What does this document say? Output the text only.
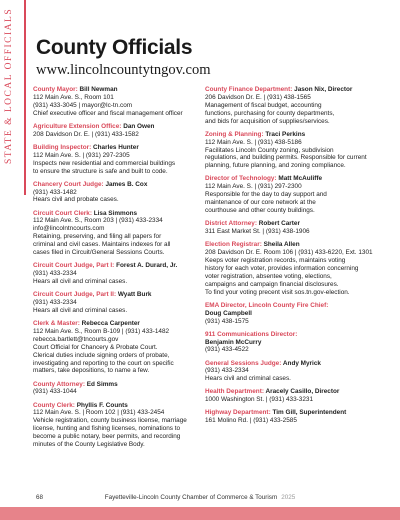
STATE & LOCAL OFFICIALS	County Officials
www.lincolncountytngov.com
County Mayor: Bill Newman
112 Main Ave. S., Room 101
(931) 433-3045 | mayor@lc-tn.com
Chief executive officer and fiscal management officer
Agriculture Extension Office: Dan Owen
208 Davidson Dr. E. | (931) 433-1582
Building Inspector: Charles Hunter
112 Main Ave. S. | (931) 297-2305
Inspects new residential and commercial buildings
to ensure the structure is safe and built to code.
Chancery Court Judge: James B. Cox
(931) 433-1482
Hears civil and probate cases.
Circuit Court Clerk: Lisa Simmons
112 Main Ave. S., Room 203 | (931) 433-2334
info@lincolntncourts.com
Retaining, preserving, and filing all papers for
criminal and civil cases. Maintains indexes for all
cases filed in Circuit/General Sessions Courts.
Circuit Court Judge, Part I: Forest A. Durard, Jr.
(931) 433-2334
Hears all civil and criminal cases.
Circuit Court Judge, Part II: Wyatt Burk
(931) 433-2334
Hears all civil and criminal cases.
Clerk & Master: Rebecca Carpenter
112 Main Ave. S., Room B-109 | (931) 433-1482
rebecca.bartlett@tncourts.gov
Court Official for Chancery & Probate Court.
Clerical duties include signing orders of probate,
investigating and reporting to the court on specific
matters, take depositions, to name a few.
County Attorney: Ed Simms
(931) 433-1044
County Clerk: Phyllis F. Counts
112 Main Ave. S. | Room 102 | (931) 433-2454
Vehicle registration, county business license, marriage
license, hunting and fishing licenses, nominations to
become a public notary, beer permits, and recording
minutes of the County Legislative Body.
County Finance Department: Jason Nix, Director
206 Davidson Dr. E. | (931) 438-1565
Management of fiscal budget, accounting
functions, purchasing for county departments,
and bids for acquisition of supplies/services.
Zoning & Planning: Traci Perkins
112 Main Ave. S. | (931) 438-5186
Facilitates Lincoln County zoning, subdivision
regulations, and building permits. Responsible for current
planning, future planning, and zoning compliance.
Director of Technology: Matt McAuliffe
112 Main Ave. S. | (931) 297-2300
Responsible for the day to day support and
maintenance of our core network at the
courthouse and other county buildings.
District Attorney: Robert Carter
311 East Market St. | (931) 438-1906
Election Registrar: Sheila Allen
208 Davidson Dr. E. Room 106 | (931) 433-6220, Ext. 1301
Keeps voter registration records, maintains voting
history for each voter, provides information concerning
voter registration, absentee voting, elections,
campaigns and campaign financial disclosures.
To find your voting precent visit sos.tn.gov-election.
EMA Director, Lincoln County Fire Chief:
Doug Campbell
(931) 438-1575
911 Communications Director:
Benjamin McCurry
(931) 433-4522
General Sessions Judge: Andy Myrick
(931) 433-2334
Hears civil and criminal cases.
Health Department: Aracely Casillo, Director
1000 Washington St. | (931) 433-3231
Highway Department: Tim Gill, Superintendent
161 Molino Rd. | (931) 433-2585
68	Fayetteville-Lincoln County Chamber of Commerce & Tourism 2025
